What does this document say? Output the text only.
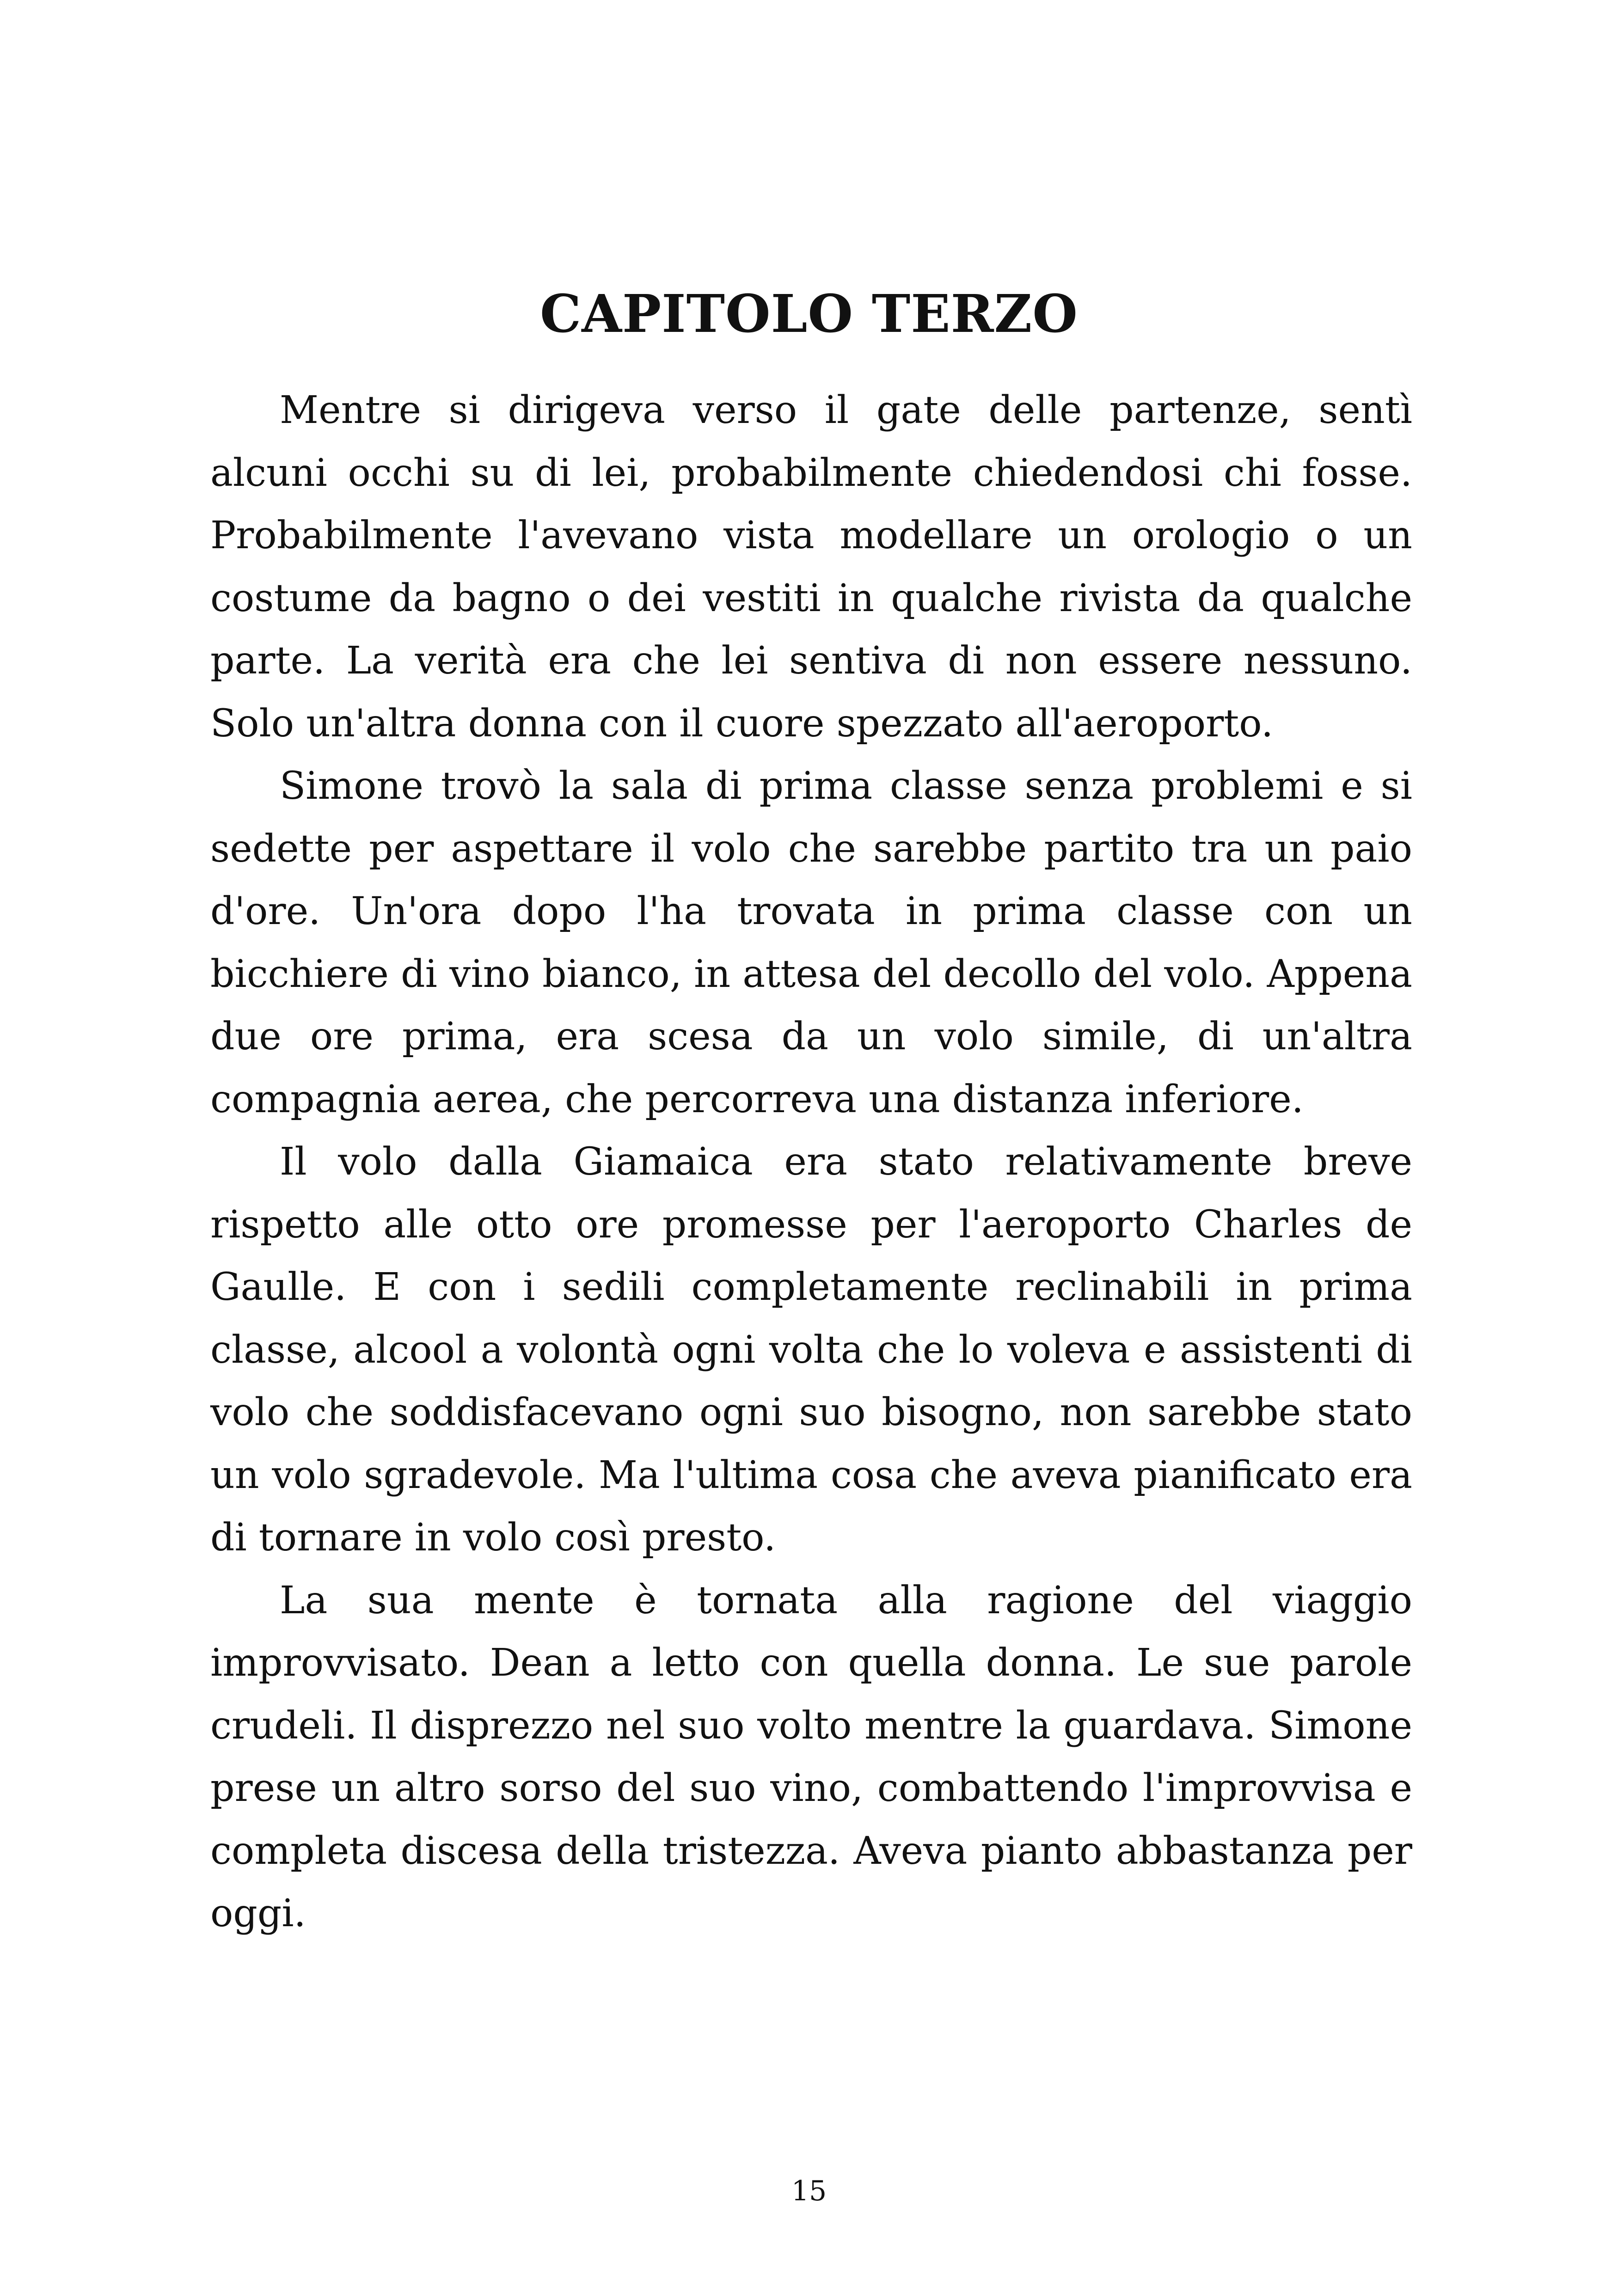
CAPITOLO TERZO

Mentre si dirigeva verso il gate delle partenze, sentì alcuni occhi su di lei, probabilmente chiedendosi chi fosse. Probabilmente l'avevano vista modellare un orologio o un costume da bagno o dei vestiti in qualche rivista da qualche parte. La verità era che lei sentiva di non essere nessuno. Solo un'altra donna con il cuore spezzato all'aeroporto.

Simone trovò la sala di prima classe senza problemi e si sedette per aspettare il volo che sarebbe partito tra un paio d'ore. Un'ora dopo l'ha trovata in prima classe con un bicchiere di vino bianco, in attesa del decollo del volo. Appena due ore prima, era scesa da un volo simile, di un'altra compagnia aerea, che percorreva una distanza inferiore.

Il volo dalla Giamaica era stato relativamente breve rispetto alle otto ore promesse per l'aeroporto Charles de Gaulle. E con i sedili completamente reclinabili in prima classe, alcool a volontà ogni volta che lo voleva e assistenti di volo che soddisfacevano ogni suo bisogno, non sarebbe stato un volo sgradevole. Ma l'ultima cosa che aveva pianificato era di tornare in volo così presto.

La sua mente è tornata alla ragione del viaggio improvvisato. Dean a letto con quella donna. Le sue parole crudeli. Il disprezzo nel suo volto mentre la guardava. Simone prese un altro sorso del suo vino, combattendo l'improvvisa e completa discesa della tristezza. Aveva pianto abbastanza per oggi.

15
